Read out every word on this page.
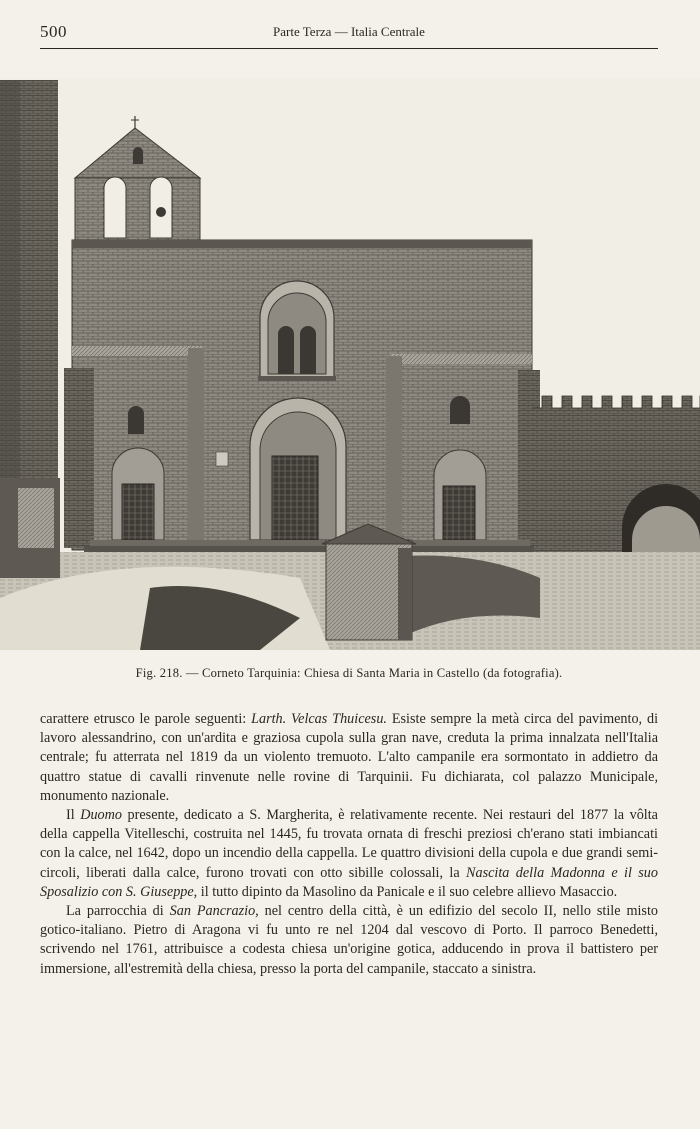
500	Parte Terza — Italia Centrale
Fig. 218. — Corneto Tarquinia: Chiesa di Santa Maria in Castello (da fotografia).

carattere etrusco le parole seguenti: Larth. Velcas Thuicesu. Esiste sempre la metà circa del pavimento, di lavoro alessandrino, con un'ardita e graziosa cupola sulla gran nave, creduta la prima innalzata nell'Italia centrale; fu atterrata nel 1819 da un violento tremuoto. L'alto campanile era sormontato in addietro da quattro statue di cavalli rinvenute nelle rovine di Tarquinii. Fu dichiarata, col palazzo Municipale, monumento nazionale.

Il Duomo presente, dedicato a S. Margherita, è relativamente recente. Nei restauri del 1877 la vôlta della cappella Vitelleschi, costruita nel 1445, fu trovata ornata di freschi preziosi ch'erano stati imbiancati con la calce, nel 1642, dopo un incendio della cappella. Le quattro divisioni della cupola e due grandi semi-circoli, liberati dalla calce, furono trovati con otto sibille colossali, la Nascita della Madonna e il suo Sposalizio con S. Giuseppe, il tutto dipinto da Masolino da Panicale e il suo celebre allievo Masaccio.

La parrocchia di San Pancrazio, nel centro della città, è un edifizio del secolo II, nello stile misto gotico-italiano. Pietro di Aragona vi fu unto re nel 1204 dal vescovo di Porto. Il parroco Benedetti, scrivendo nel 1761, attribuisce a codesta chiesa un'origine gotica, adducendo in prova il battistero per immersione, all'estremità della chiesa, presso la porta del campanile, staccato a sinistra.
